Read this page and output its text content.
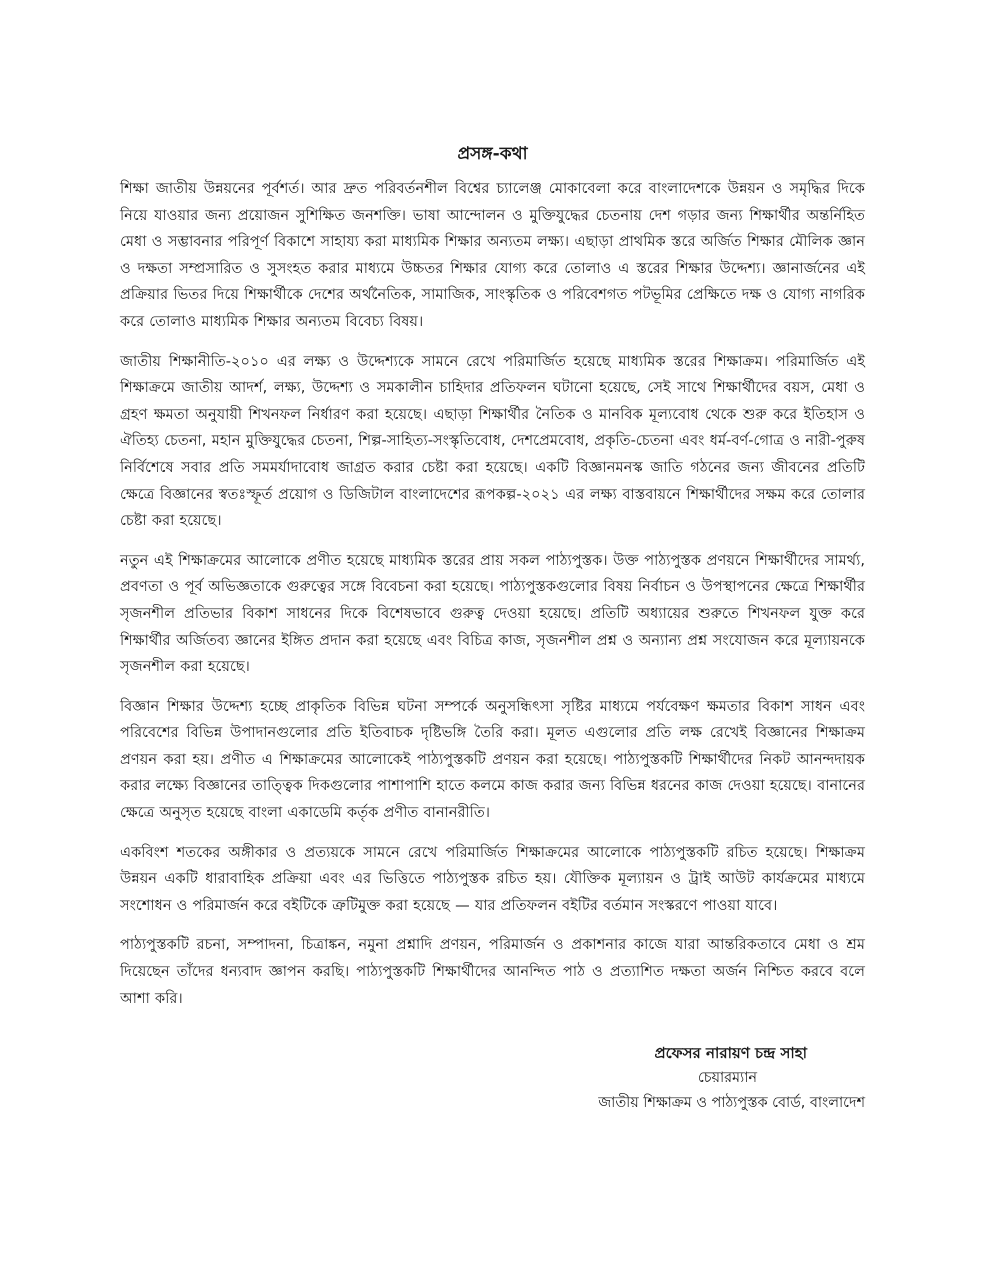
প্রসঙ্গ-কথা

শিক্ষা জাতীয় উন্নয়নের পূর্বশর্ত। আর দ্রুত পরিবর্তনশীল বিশ্বের চ্যালেঞ্জ মোকাবেলা করে বাংলাদেশকে উন্নয়ন ও সমৃদ্ধির দিকে নিয়ে যাওয়ার জন্য প্রয়োজন সুশিক্ষিত জনশক্তি। ভাষা আন্দোলন ও মুক্তিযুদ্ধের চেতনায় দেশ গড়ার জন্য শিক্ষার্থীর অন্তর্নিহিত মেধা ও সম্ভাবনার পরিপূর্ণ বিকাশে সাহায্য করা মাধ্যমিক শিক্ষার অন্যতম লক্ষ্য। এছাড়া প্রাথমিক স্তরে অর্জিত শিক্ষার মৌলিক জ্ঞান ও দক্ষতা সম্প্রসারিত ও সুসংহত করার মাধ্যমে উচ্চতর শিক্ষার যোগ্য করে তোলাও এ স্তরের শিক্ষার উদ্দেশ্য। জ্ঞানার্জনের এই প্রক্রিয়ার ভিতর দিয়ে শিক্ষার্থীকে দেশের অর্থনৈতিক, সামাজিক, সাংস্কৃতিক ও পরিবেশগত পটভূমির প্রেক্ষিতে দক্ষ ও যোগ্য নাগরিক করে তোলাও মাধ্যমিক শিক্ষার অন্যতম বিবেচ্য বিষয়।

জাতীয় শিক্ষানীতি-২০১০ এর লক্ষ্য ও উদ্দেশ্যকে সামনে রেখে পরিমার্জিত হয়েছে মাধ্যমিক স্তরের শিক্ষাক্রম। পরিমার্জিত এই শিক্ষাক্রমে জাতীয় আদর্শ, লক্ষ্য, উদ্দেশ্য ও সমকালীন চাহিদার প্রতিফলন ঘটানো হয়েছে, সেই সাথে শিক্ষার্থীদের বয়স, মেধা ও গ্রহণ ক্ষমতা অনুযায়ী শিখনফল নির্ধারণ করা হয়েছে। এছাড়া শিক্ষার্থীর নৈতিক ও মানবিক মূল্যবোধ থেকে শুরু করে ইতিহাস ও ঐতিহ্য চেতনা, মহান মুক্তিযুদ্ধের চেতনা, শিল্প-সাহিত্য-সংস্কৃতিবোধ, দেশপ্রেমবোধ, প্রকৃতি-চেতনা এবং ধর্ম-বর্ণ-গোত্র ও নারী-পুরুষ নির্বিশেষে সবার প্রতি সমমর্যাদাবোধ জাগ্রত করার চেষ্টা করা হয়েছে। একটি বিজ্ঞানমনস্ক জাতি গঠনের জন্য জীবনের প্রতিটি ক্ষেত্রে বিজ্ঞানের স্বতঃস্ফূর্ত প্রয়োগ ও ডিজিটাল বাংলাদেশের রূপকল্প-২০২১ এর লক্ষ্য বাস্তবায়নে শিক্ষার্থীদের সক্ষম করে তোলার চেষ্টা করা হয়েছে।

নতুন এই শিক্ষাক্রমের আলোকে প্রণীত হয়েছে মাধ্যমিক স্তরের প্রায় সকল পাঠ্যপুস্তক। উক্ত পাঠ্যপুস্তক প্রণয়নে শিক্ষার্থীদের সামর্থ্য, প্রবণতা ও পূর্ব অভিজ্ঞতাকে গুরুত্বের সঙ্গে বিবেচনা করা হয়েছে। পাঠ্যপুস্তকগুলোর বিষয় নির্বাচন ও উপস্থাপনের ক্ষেত্রে শিক্ষার্থীর সৃজনশীল প্রতিভার বিকাশ সাধনের দিকে বিশেষভাবে গুরুত্ব দেওয়া হয়েছে। প্রতিটি অধ্যায়ের শুরুতে শিখনফল যুক্ত করে শিক্ষার্থীর অর্জিতব্য জ্ঞানের ইঙ্গিত প্রদান করা হয়েছে এবং বিচিত্র কাজ, সৃজনশীল প্রশ্ন ও অন্যান্য প্রশ্ন সংযোজন করে মূল্যায়নকে সৃজনশীল করা হয়েছে।

বিজ্ঞান শিক্ষার উদ্দেশ্য হচ্ছে প্রাকৃতিক বিভিন্ন ঘটনা সম্পর্কে অনুসন্ধিৎসা সৃষ্টির মাধ্যমে পর্যবেক্ষণ ক্ষমতার বিকাশ সাধন এবং পরিবেশের বিভিন্ন উপাদানগুলোর প্রতি ইতিবাচক দৃষ্টিভঙ্গি তৈরি করা। মূলত এগুলোর প্রতি লক্ষ রেখেই বিজ্ঞানের শিক্ষাক্রম প্রণয়ন করা হয়। প্রণীত এ শিক্ষাক্রমের আলোকেই পাঠ্যপুস্তকটি প্রণয়ন করা হয়েছে। পাঠ্যপুস্তকটি শিক্ষার্থীদের নিকট আনন্দদায়ক করার লক্ষ্যে বিজ্ঞানের তাত্ত্বিক দিকগুলোর পাশাপাশি হাতে কলমে কাজ করার জন্য বিভিন্ন ধরনের কাজ দেওয়া হয়েছে। বানানের ক্ষেত্রে অনুসৃত হয়েছে বাংলা একাডেমি কর্তৃক প্রণীত বানানরীতি।

একবিংশ শতকের অঙ্গীকার ও প্রত্যয়কে সামনে রেখে পরিমার্জিত শিক্ষাক্রমের আলোকে পাঠ্যপুস্তকটি রচিত হয়েছে। শিক্ষাক্রম উন্নয়ন একটি ধারাবাহিক প্রক্রিয়া এবং এর ভিত্তিতে পাঠ্যপুস্তক রচিত হয়। যৌক্তিক মূল্যায়ন ও ট্রাই আউট কার্যক্রমের মাধ্যমে সংশোধন ও পরিমার্জন করে বইটিকে ত্রুটিমুক্ত করা হয়েছে — যার প্রতিফলন বইটির বর্তমান সংস্করণে পাওয়া যাবে।

পাঠ্যপুস্তকটি রচনা, সম্পাদনা, চিত্রাঙ্কন, নমুনা প্রশ্নাদি প্রণয়ন, পরিমার্জন ও প্রকাশনার কাজে যারা আন্তরিকতাবে মেধা ও শ্রম দিয়েছেন তাঁদের ধন্যবাদ জ্ঞাপন করছি। পাঠ্যপুস্তকটি শিক্ষার্থীদের আনন্দিত পাঠ ও প্রত্যাশিত দক্ষতা অর্জন নিশ্চিত করবে বলে আশা করি।

প্রফেসর নারায়ণ চন্দ্র সাহা
চেয়ারম্যান
জাতীয় শিক্ষাক্রম ও পাঠ্যপুস্তক বোর্ড, বাংলাদেশ
